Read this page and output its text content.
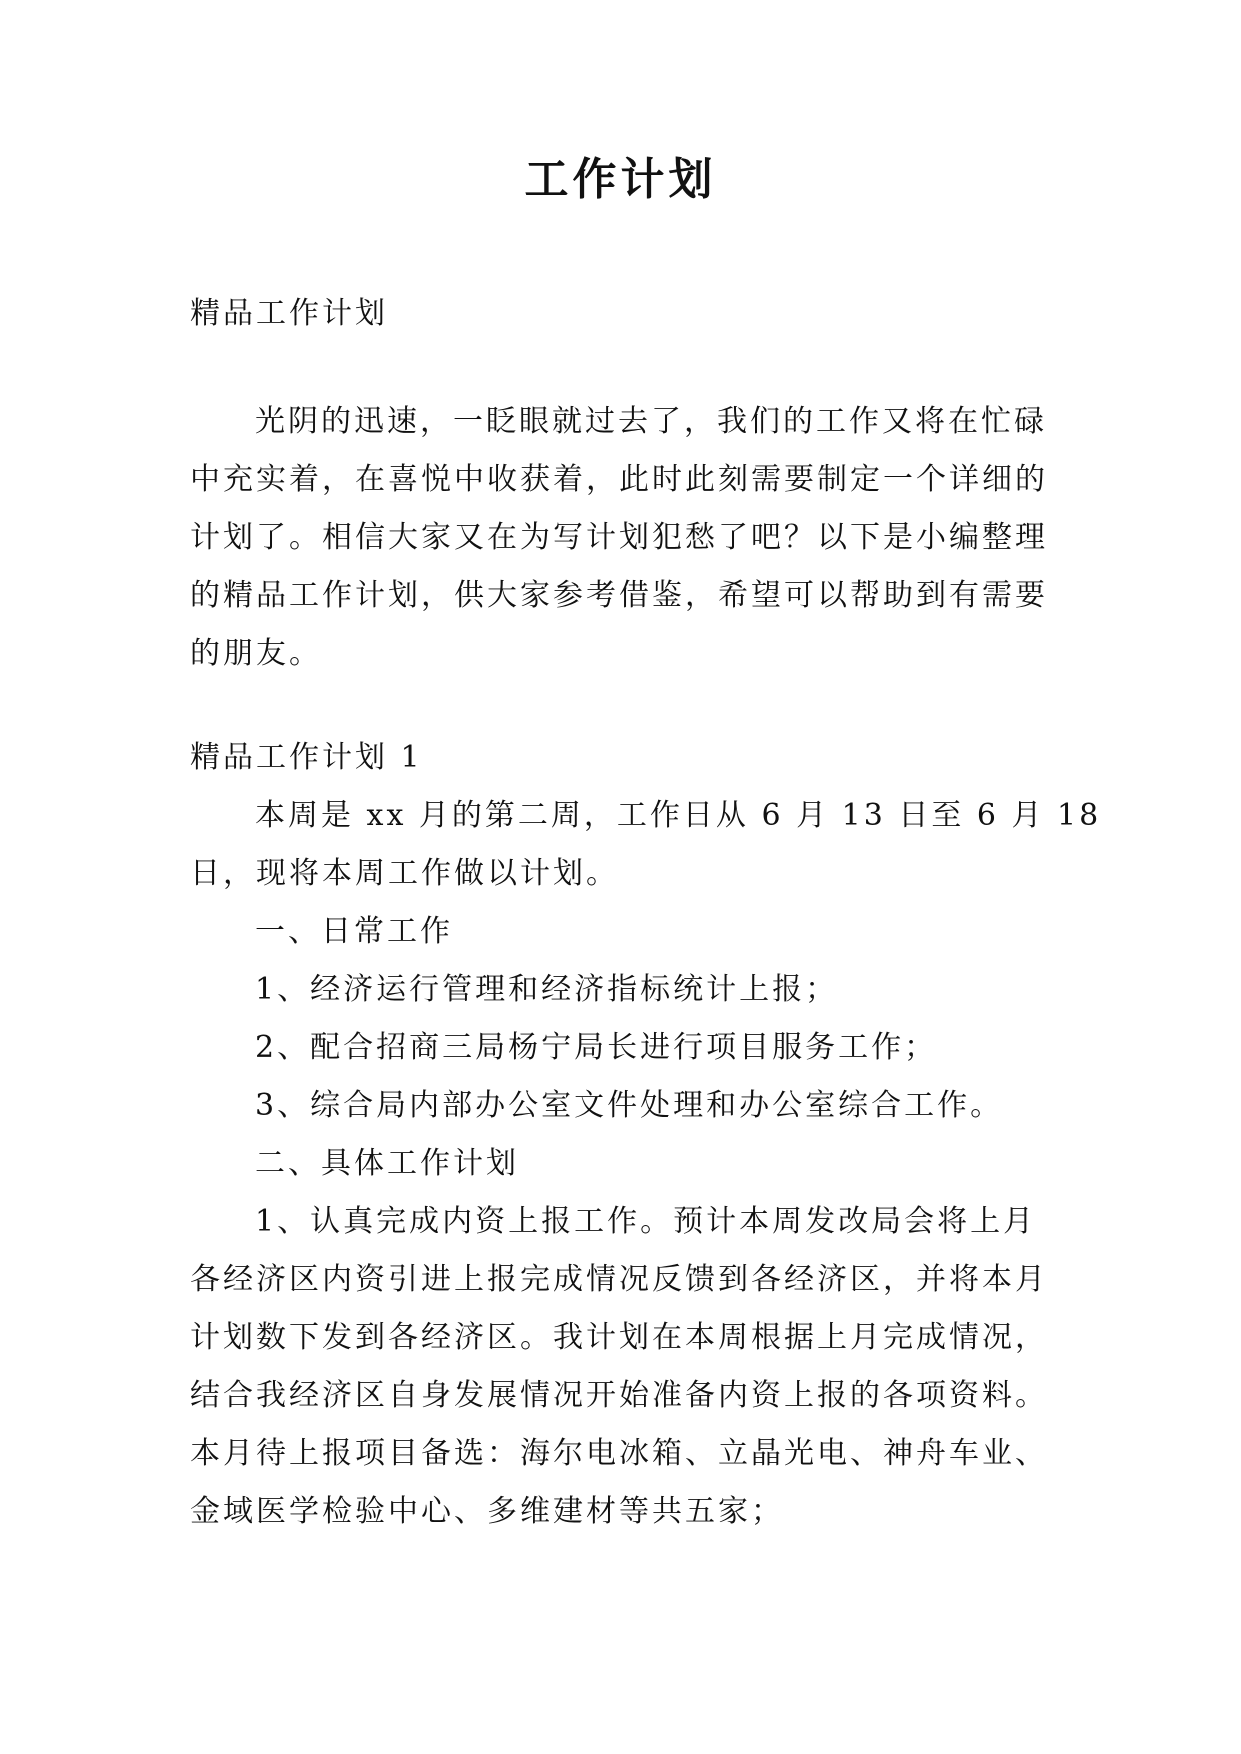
工作计划

精品工作计划

光阴的迅速，一眨眼就过去了，我们的工作又将在忙碌

中充实着，在喜悦中收获着，此时此刻需要制定一个详细的

计划了。相信大家又在为写计划犯愁了吧？以下是小编整理

的精品工作计划，供大家参考借鉴，希望可以帮助到有需要

的朋友。

精品工作计划 1

本周是 xx 月的第二周，工作日从 6 月 13 日至 6 月 18

日，现将本周工作做以计划。

一、日常工作

1、经济运行管理和经济指标统计上报；

2、配合招商三局杨宁局长进行项目服务工作；

3、综合局内部办公室文件处理和办公室综合工作。

二、具体工作计划

1、认真完成内资上报工作。预计本周发改局会将上月

各经济区内资引进上报完成情况反馈到各经济区，并将本月

计划数下发到各经济区。我计划在本周根据上月完成情况，

结合我经济区自身发展情况开始准备内资上报的各项资料。

本月待上报项目备选：海尔电冰箱、立晶光电、神舟车业、

金域医学检验中心、多维建材等共五家；
